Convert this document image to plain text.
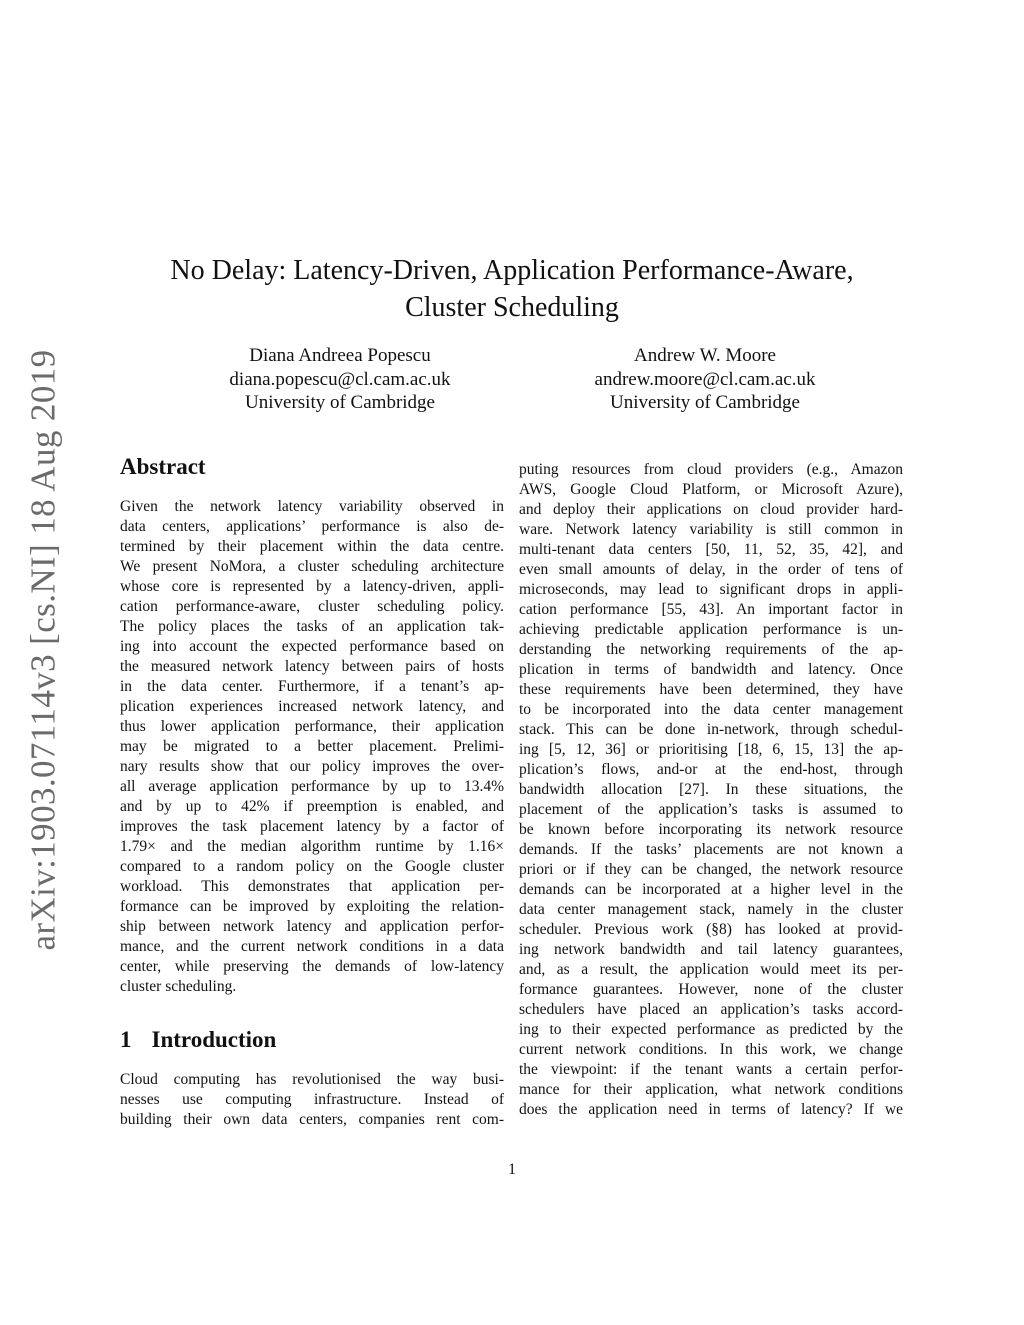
arXiv:1903.07114v3 [cs.NI] 18 Aug 2019
No Delay: Latency-Driven, Application Performance-Aware,
Cluster Scheduling
Diana Andreea Popescu
diana.popescu@cl.cam.ac.uk
University of Cambridge
Andrew W. Moore
andrew.moore@cl.cam.ac.uk
University of Cambridge
Abstract
Given the network latency variability observed in
data centers, applications’ performance is also de-
termined by their placement within the data centre.
We present NoMora, a cluster scheduling architecture
whose core is represented by a latency-driven, appli-
cation performance-aware, cluster scheduling policy.
The policy places the tasks of an application tak-
ing into account the expected performance based on
the measured network latency between pairs of hosts
in the data center. Furthermore, if a tenant’s ap-
plication experiences increased network latency, and
thus lower application performance, their application
may be migrated to a better placement. Prelimi-
nary results show that our policy improves the over-
all average application performance by up to 13.4%
and by up to 42% if preemption is enabled, and
improves the task placement latency by a factor of
1.79× and the median algorithm runtime by 1.16×
compared to a random policy on the Google cluster
workload. This demonstrates that application per-
formance can be improved by exploiting the relation-
ship between network latency and application perfor-
mance, and the current network conditions in a data
center, while preserving the demands of low-latency
cluster scheduling.
1 Introduction
Cloud computing has revolutionised the way busi-
nesses use computing infrastructure. Instead of
building their own data centers, companies rent com-
puting resources from cloud providers (e.g., Amazon
AWS, Google Cloud Platform, or Microsoft Azure),
and deploy their applications on cloud provider hard-
ware. Network latency variability is still common in
multi-tenant data centers [50, 11, 52, 35, 42], and
even small amounts of delay, in the order of tens of
microseconds, may lead to significant drops in appli-
cation performance [55, 43]. An important factor in
achieving predictable application performance is un-
derstanding the networking requirements of the ap-
plication in terms of bandwidth and latency. Once
these requirements have been determined, they have
to be incorporated into the data center management
stack. This can be done in-network, through schedul-
ing [5, 12, 36] or prioritising [18, 6, 15, 13] the ap-
plication’s flows, and-or at the end-host, through
bandwidth allocation [27]. In these situations, the
placement of the application’s tasks is assumed to
be known before incorporating its network resource
demands. If the tasks’ placements are not known a
priori or if they can be changed, the network resource
demands can be incorporated at a higher level in the
data center management stack, namely in the cluster
scheduler. Previous work (§8) has looked at provid-
ing network bandwidth and tail latency guarantees,
and, as a result, the application would meet its per-
formance guarantees. However, none of the cluster
schedulers have placed an application’s tasks accord-
ing to their expected performance as predicted by the
current network conditions. In this work, we change
the viewpoint: if the tenant wants a certain perfor-
mance for their application, what network conditions
does the application need in terms of latency? If we
1
